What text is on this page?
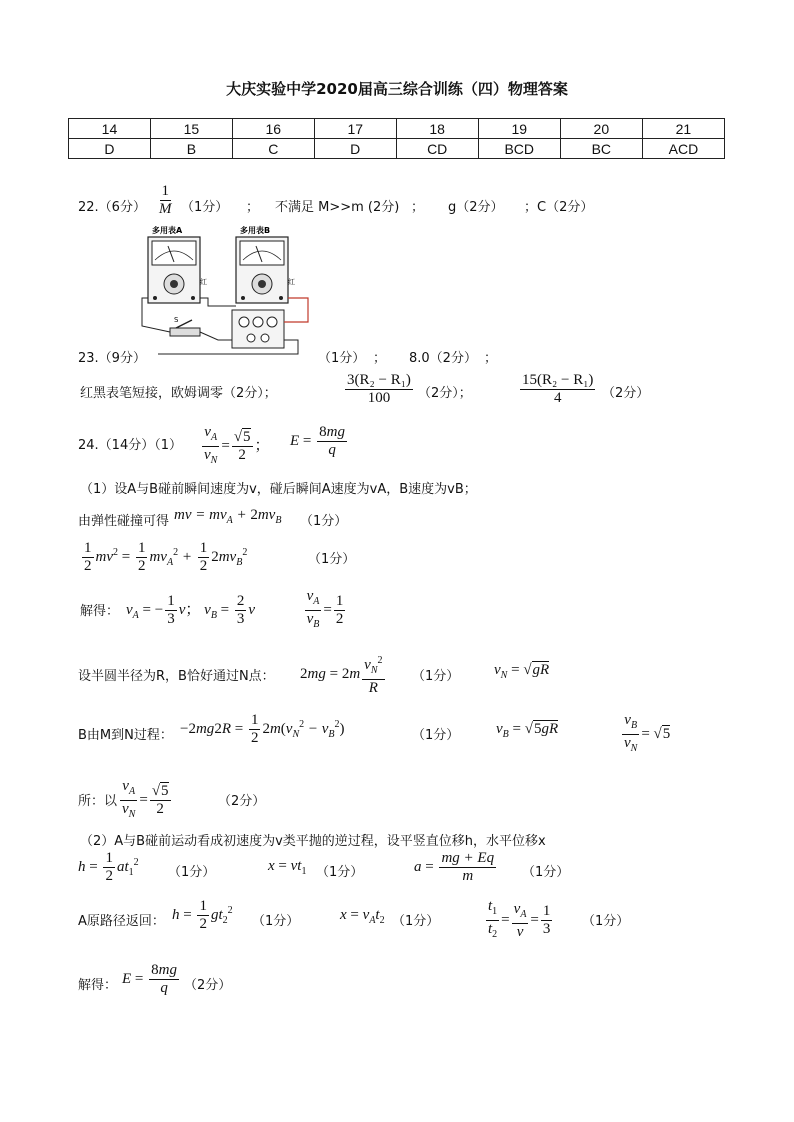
大庆实验中学2020届高三综合训练（四）物理答案
14	15	16	17	18	19	20	21
D	B	C	D	CD	BCD	BC	ACD
22.（6分） $\frac{1}{M} (1$分） ； 不满足 M>>m (2分) ； g（2分） ；C（2分）
多用表A
红
多用表B
红
S
23.（9分）	（1分） ； 8.0（2分） ；
红黑表笔短接，欧姆调零（2分）；	$\frac{\text{3(R₂ − R₁)}}{100} (2$分）；	$\frac{\text{15(R₂ − R₁)}}{4} (2$分）
24.（14分）$(1) \frac{v_A}{v_N} = \frac{√5}{2}$ ； $E = \frac{8mg}{q}$
（1）设A与B碰前瞬间速度为v，碰后瞬间A速度为vA，B速度为vB；
由弹性碰撞可得 mv = $mv_A + 2mv_B$ （1分）
$\frac{1}{2} mv^2 = \frac{1}{2} mv_A^2 + \frac{1}{2} 2mv_B^2$	（1分）
解得： $v_A$ = − $\frac{1}{3}$ v； $v_B = \frac{2}{3}$ v	$\frac{v_A}{v_B} = \frac{1}{2}$
设半圆半径为R，B恰好通过N点： $2mg = 2m \frac{v_N^2}{R} (1$分） $v_N = √gR$
B由M到N过程： $-2mg2R = \frac{1}{2} 2m(v_N^2 - v_B^2)$	（1分） $v_B = √5gR$	$\frac{v_B}{v_N} = √5$
所：以 $\frac{v_A}{v_N} = \frac{√5}{2}$	（2分）
（2）A与B碰前运动看成初速度为v类平抛的逆过程，设平竖直位移h，水平位移x
$h = \frac{1}{2} at_1^2$
（1分）	$x = vt_1$ （1分）	$a = \frac{mg + Eq}{m} (1$分）
A原路径返回： $h = \frac{1}{2} gt_2^2$
（1分）	$x = v_At_2$ （1分）	$\frac{t_1}{t_2} = \frac{v_A}{v} = \frac{1}{3} (1$分）
解得： $E = \frac{8mg}{q} (2$分）
